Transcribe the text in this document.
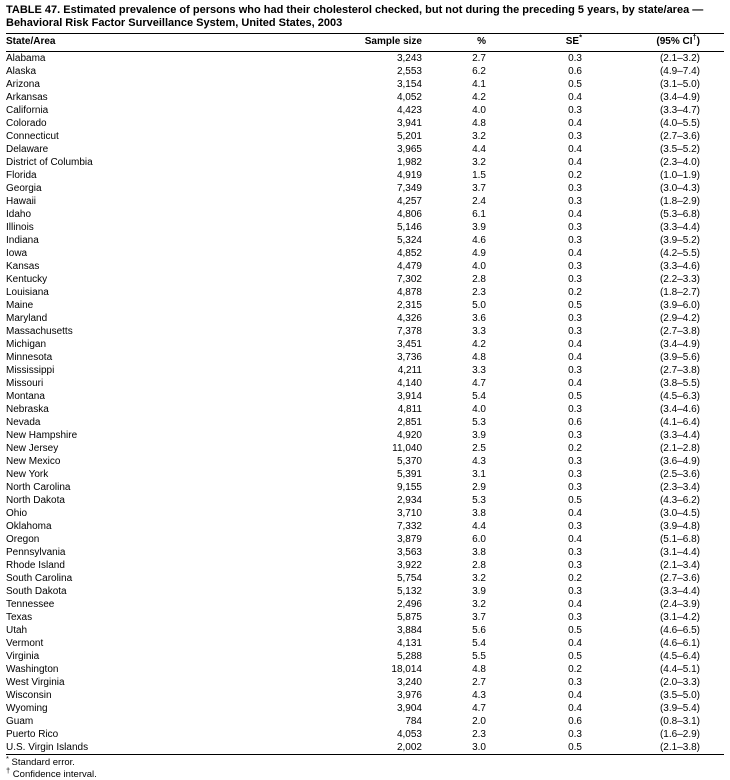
TABLE 47. Estimated prevalence of persons who had their cholesterol checked, but not during the preceding 5 years, by state/area — Behavioral Risk Factor Surveillance System, United States, 2003
State/Area	Sample size	%	SE*	(95% CI†)
Alabama	3,243	2.7	0.3	(2.1–3.2)
Alaska	2,553	6.2	0.6	(4.9–7.4)
Arizona	3,154	4.1	0.5	(3.1–5.0)
Arkansas	4,052	4.2	0.4	(3.4–4.9)
California	4,423	4.0	0.3	(3.3–4.7)
Colorado	3,941	4.8	0.4	(4.0–5.5)
Connecticut	5,201	3.2	0.3	(2.7–3.6)
Delaware	3,965	4.4	0.4	(3.5–5.2)
District of Columbia	1,982	3.2	0.4	(2.3–4.0)
Florida	4,919	1.5	0.2	(1.0–1.9)
Georgia	7,349	3.7	0.3	(3.0–4.3)
Hawaii	4,257	2.4	0.3	(1.8–2.9)
Idaho	4,806	6.1	0.4	(5.3–6.8)
Illinois	5,146	3.9	0.3	(3.3–4.4)
Indiana	5,324	4.6	0.3	(3.9–5.2)
Iowa	4,852	4.9	0.4	(4.2–5.5)
Kansas	4,479	4.0	0.3	(3.3–4.6)
Kentucky	7,302	2.8	0.3	(2.2–3.3)
Louisiana	4,878	2.3	0.2	(1.8–2.7)
Maine	2,315	5.0	0.5	(3.9–6.0)
Maryland	4,326	3.6	0.3	(2.9–4.2)
Massachusetts	7,378	3.3	0.3	(2.7–3.8)
Michigan	3,451	4.2	0.4	(3.4–4.9)
Minnesota	3,736	4.8	0.4	(3.9–5.6)
Mississippi	4,211	3.3	0.3	(2.7–3.8)
Missouri	4,140	4.7	0.4	(3.8–5.5)
Montana	3,914	5.4	0.5	(4.5–6.3)
Nebraska	4,811	4.0	0.3	(3.4–4.6)
Nevada	2,851	5.3	0.6	(4.1–6.4)
New Hampshire	4,920	3.9	0.3	(3.3–4.4)
New Jersey	11,040	2.5	0.2	(2.1–2.8)
New Mexico	5,370	4.3	0.3	(3.6–4.9)
New York	5,391	3.1	0.3	(2.5–3.6)
North Carolina	9,155	2.9	0.3	(2.3–3.4)
North Dakota	2,934	5.3	0.5	(4.3–6.2)
Ohio	3,710	3.8	0.4	(3.0–4.5)
Oklahoma	7,332	4.4	0.3	(3.9–4.8)
Oregon	3,879	6.0	0.4	(5.1–6.8)
Pennsylvania	3,563	3.8	0.3	(3.1–4.4)
Rhode Island	3,922	2.8	0.3	(2.1–3.4)
South Carolina	5,754	3.2	0.2	(2.7–3.6)
South Dakota	5,132	3.9	0.3	(3.3–4.4)
Tennessee	2,496	3.2	0.4	(2.4–3.9)
Texas	5,875	3.7	0.3	(3.1–4.2)
Utah	3,884	5.6	0.5	(4.6–6.5)
Vermont	4,131	5.4	0.4	(4.6–6.1)
Virginia	5,288	5.5	0.5	(4.5–6.4)
Washington	18,014	4.8	0.2	(4.4–5.1)
West Virginia	3,240	2.7	0.3	(2.0–3.3)
Wisconsin	3,976	4.3	0.4	(3.5–5.0)
Wyoming	3,904	4.7	0.4	(3.9–5.4)
Guam	784	2.0	0.6	(0.8–3.1)
Puerto Rico	4,053	2.3	0.3	(1.6–2.9)
U.S. Virgin Islands	2,002	3.0	0.5	(2.1–3.8)
* Standard error.
† Confidence interval.
